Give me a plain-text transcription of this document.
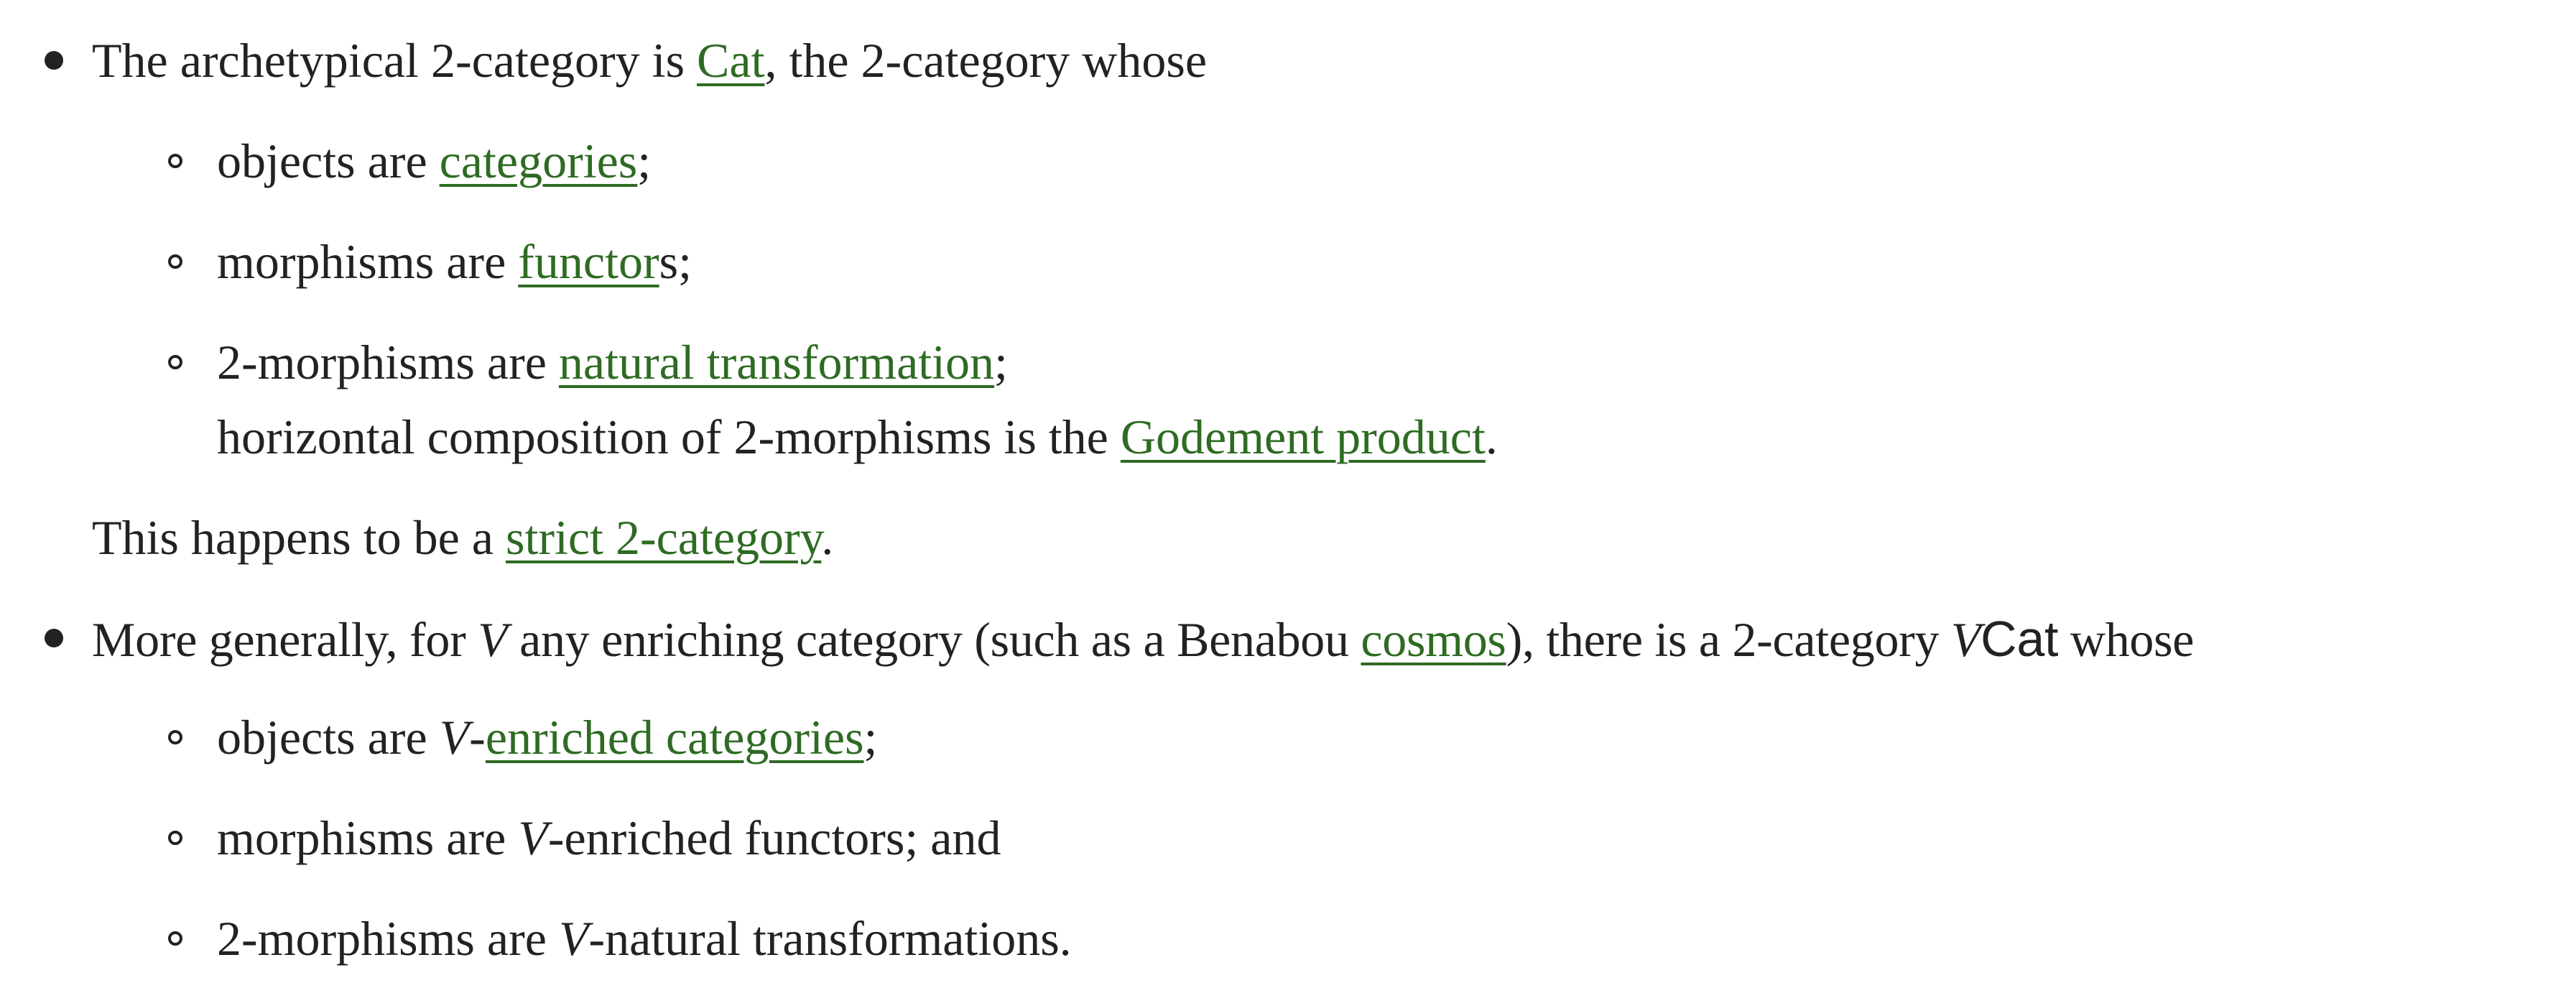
The archetypical 2-category is Cat, the 2-category whose
objects are categories;
morphisms are functors;
2-morphisms are natural transformation;
horizontal composition of 2-morphisms is the Godement product.
This happens to be a strict 2-category.
More generally, for V any enriching category (such as a Benabou cosmos), there is a 2-category VCat whose
objects are V-enriched categories;
morphisms are V-enriched functors; and
2-morphisms are V-natural transformations.
